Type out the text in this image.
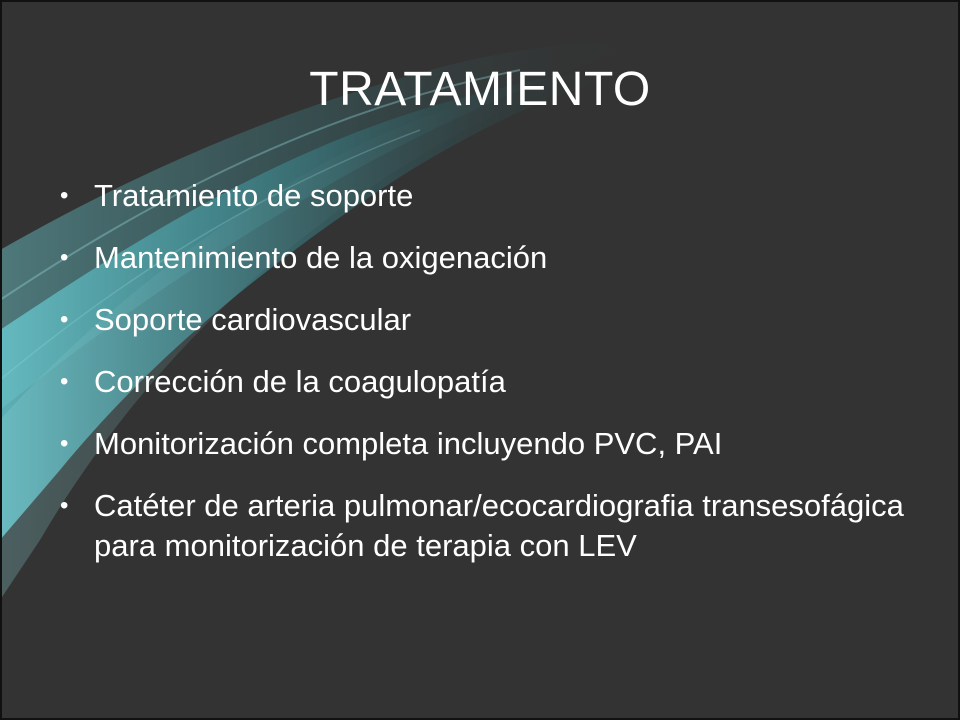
TRATAMIENTO
• Tratamiento de soporte
• Mantenimiento de la oxigenación
• Soporte cardiovascular
• Corrección de la coagulopatía
• Monitorización completa incluyendo PVC, PAI
• Catéter de arteria pulmonar/ecocardiografia transesofágica para monitorización de terapia con LEV
